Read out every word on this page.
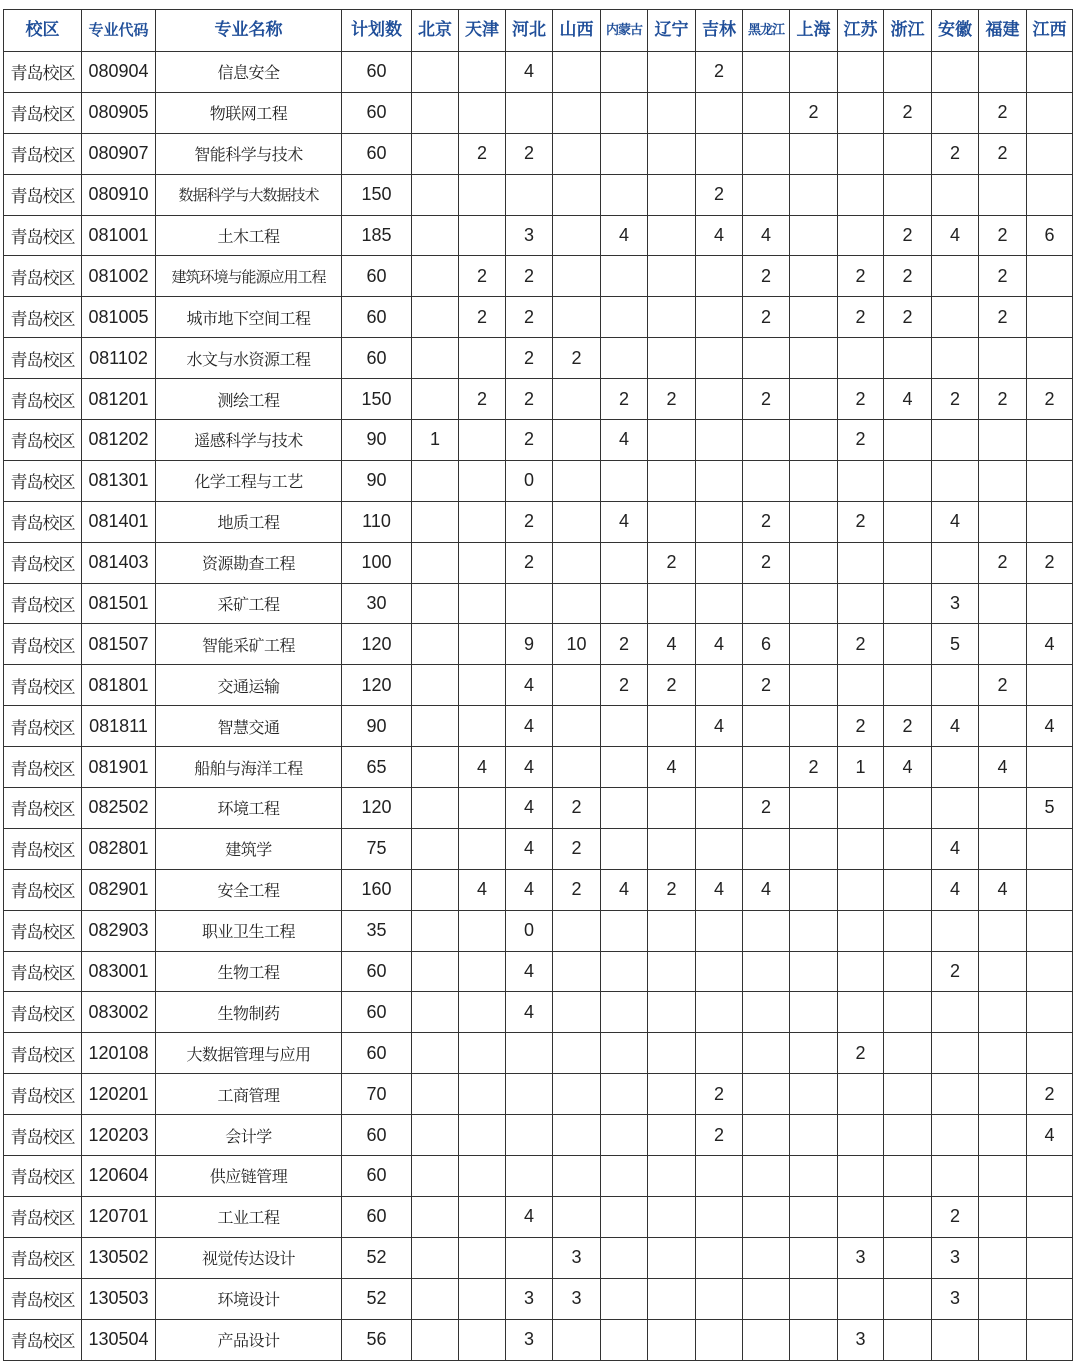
校区	专业代码	专业名称	计划数	北京	天津	河北	山西	内蒙古	辽宁	吉林	黑龙江	上海	江苏	浙江	安徽	福建	江西
青岛校区	080904	信息安全	60			4				2							
青岛校区	080905	物联网工程	60									2		2		2	
青岛校区	080907	智能科学与技术	60		2	2									2	2	
青岛校区	080910	数据科学与大数据技术	150							2							
青岛校区	081001	土木工程	185			3		4		4	4			2	4	2	6
青岛校区	081002	建筑环境与能源应用工程	60		2	2					2		2	2		2	
青岛校区	081005	城市地下空间工程	60		2	2					2		2	2		2	
青岛校区	081102	水文与水资源工程	60			2	2										
青岛校区	081201	测绘工程	150		2	2		2	2		2		2	4	2	2	2
青岛校区	081202	遥感科学与技术	90	1		2		4					2				
青岛校区	081301	化学工程与工艺	90			0											
青岛校区	081401	地质工程	110			2		4			2		2		4		
青岛校区	081403	资源勘查工程	100			2			2		2					2	2
青岛校区	081501	采矿工程	30												3		
青岛校区	081507	智能采矿工程	120			9	10	2	4	4	6		2		5		4
青岛校区	081801	交通运输	120			4		2	2		2					2	
青岛校区	081811	智慧交通	90			4				4			2	2	4		4
青岛校区	081901	船舶与海洋工程	65		4	4			4			2	1	4		4	
青岛校区	082502	环境工程	120			4	2				2						5
青岛校区	082801	建筑学	75			4	2								4		
青岛校区	082901	安全工程	160		4	4	2	4	2	4	4				4	4	
青岛校区	082903	职业卫生工程	35			0											
青岛校区	083001	生物工程	60			4									2		
青岛校区	083002	生物制药	60			4											
青岛校区	120108	大数据管理与应用	60										2				
青岛校区	120201	工商管理	70							2							2
青岛校区	120203	会计学	60							2							4
青岛校区	120604	供应链管理	60														
青岛校区	120701	工业工程	60			4									2		
青岛校区	130502	视觉传达设计	52				3						3		3		
青岛校区	130503	环境设计	52			3	3								3		
青岛校区	130504	产品设计	56			3							3				
